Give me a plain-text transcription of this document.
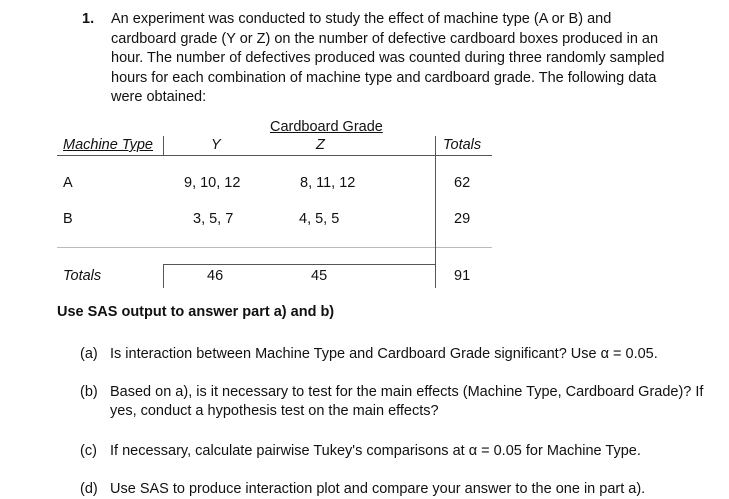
1. An experiment was conducted to study the effect of machine type (A or B) and
cardboard grade (Y or Z) on the number of defective cardboard boxes produced in an
hour. The number of defectives produced was counted during three randomly sampled
hours for each combination of machine type and cardboard grade. The following data
were obtained:
Cardboard Grade
Machine Type	Y	Z	Totals
A	9, 10, 12	8, 11, 12	62
B	3, 5, 7	4, 5, 5	29
Totals	46	45	91
Use SAS output to answer part a) and b)
(a) Is interaction between Machine Type and Cardboard Grade significant? Use α = 0.05.
(b) Based on a), is it necessary to test for the main effects (Machine Type, Cardboard Grade)? If yes, conduct a hypothesis test on the main effects?
(c) If necessary, calculate pairwise Tukey's comparisons at α = 0.05 for Machine Type.
(d) Use SAS to produce interaction plot and compare your answer to the one in part a).
